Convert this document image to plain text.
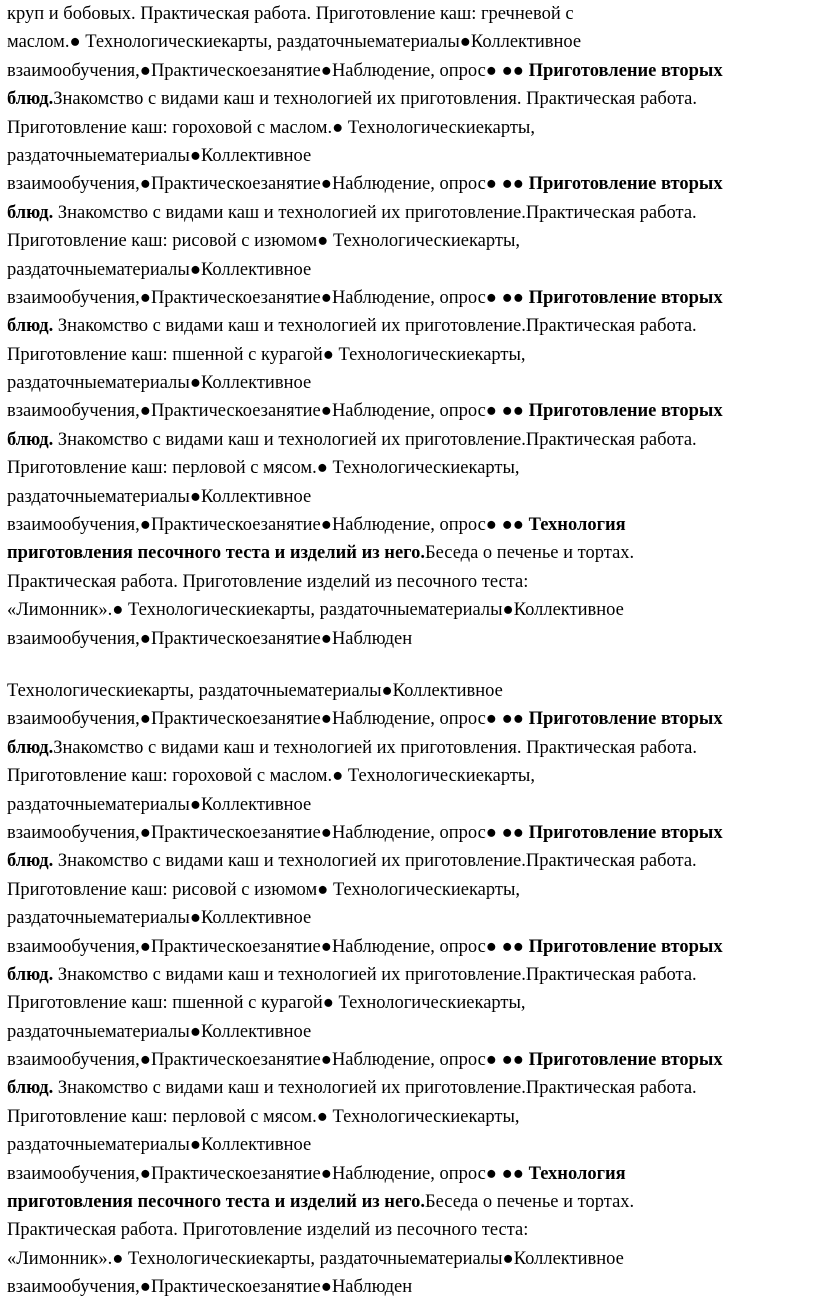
круп и бобовых. Практическая работа. Приготовление каш: гречневой с
маслом.● Технологическиекарты, раздаточныематериалы●Коллективное
взаимообучения,●Практическоезанятие●Наблюдение, опрос● ●● Приготовление вторых
блюд.Знакомство с видами каш и технологией их приготовления. Практическая работа.
Приготовление каш: гороховой с маслом.● Технологическиекарты,
раздаточныематериалы●Коллективное
взаимообучения,●Практическоезанятие●Наблюдение, опрос● ●● Приготовление вторых
блюд. Знакомство с видами каш и технологией их приготовление.Практическая работа.
Приготовление каш: рисовой с изюмом● Технологическиекарты,
раздаточныематериалы●Коллективное
взаимообучения,●Практическоезанятие●Наблюдение, опрос● ●● Приготовление вторых
блюд. Знакомство с видами каш и технологией их приготовление.Практическая работа.
Приготовление каш: пшенной с курагой● Технологическиекарты,
раздаточныематериалы●Коллективное
взаимообучения,●Практическоезанятие●Наблюдение, опрос● ●● Приготовление вторых
блюд. Знакомство с видами каш и технологией их приготовление.Практическая работа.
Приготовление каш: перловой с мясом.● Технологическиекарты,
раздаточныематериалы●Коллективное
взаимообучения,●Практическоезанятие●Наблюдение, опрос● ●● Технология
приготовления песочного теста и изделий из него.Беседа о печенье и тортах.
Практическая работа. Приготовление изделий из песочного теста:
«Лимонник».● Технологическиекарты, раздаточныематериалы●Коллективное
взаимообучения,●Практическоезанятие●Наблюден
Технологическиекарты, раздаточныематериалы●Коллективное
взаимообучения,●Практическоезанятие●Наблюдение, опрос● ●● Приготовление вторых
блюд.Знакомство с видами каш и технологией их приготовления. Практическая работа.
Приготовление каш: гороховой с маслом.● Технологическиекарты,
раздаточныематериалы●Коллективное
взаимообучения,●Практическоезанятие●Наблюдение, опрос● ●● Приготовление вторых
блюд. Знакомство с видами каш и технологией их приготовление.Практическая работа.
Приготовление каш: рисовой с изюмом● Технологическиекарты,
раздаточныематериалы●Коллективное
взаимообучения,●Практическоезанятие●Наблюдение, опрос● ●● Приготовление вторых
блюд. Знакомство с видами каш и технологией их приготовление.Практическая работа.
Приготовление каш: пшенной с курагой● Технологическиекарты,
раздаточныематериалы●Коллективное
взаимообучения,●Практическоезанятие●Наблюдение, опрос● ●● Приготовление вторых
блюд. Знакомство с видами каш и технологией их приготовление.Практическая работа.
Приготовление каш: перловой с мясом.● Технологическиекарты,
раздаточныематериалы●Коллективное
взаимообучения,●Практическоезанятие●Наблюдение, опрос● ●● Технология
приготовления песочного теста и изделий из него.Беседа о печенье и тортах.
Практическая работа. Приготовление изделий из песочного теста:
«Лимонник».● Технологическиекарты, раздаточныематериалы●Коллективное
взаимообучения,●Практическоезанятие●Наблюден
